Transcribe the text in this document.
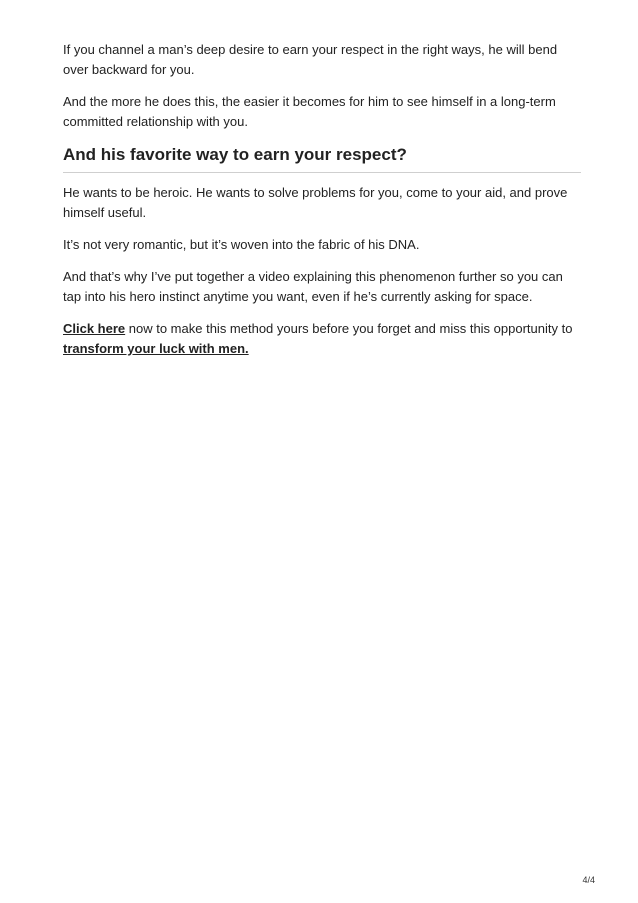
If you channel a man’s deep desire to earn your respect in the right ways, he will bend over backward for you.

And the more he does this, the easier it becomes for him to see himself in a long-term committed relationship with you.

And his favorite way to earn your respect?

He wants to be heroic. He wants to solve problems for you, come to your aid, and prove himself useful.

It’s not very romantic, but it’s woven into the fabric of his DNA.

And that’s why I’ve put together a video explaining this phenomenon further so you can tap into his hero instinct anytime you want, even if he’s currently asking for space.

Click here now to make this method yours before you forget and miss this opportunity to transform your luck with men.

4/4
